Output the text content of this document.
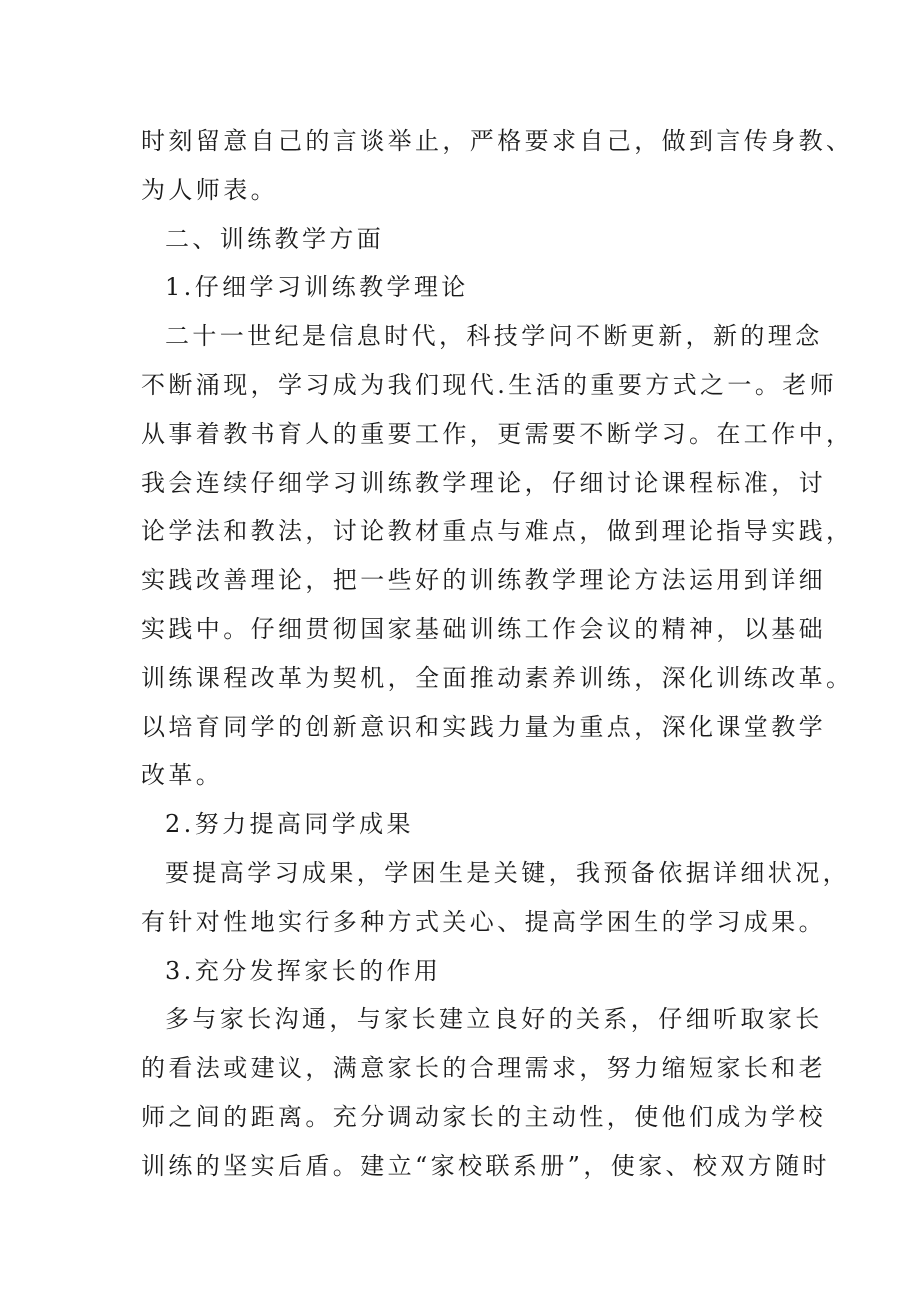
时刻留意自己的言谈举止，严格要求自己，做到言传身教、
为人师表。
二、训练教学方面
1.仔细学习训练教学理论
二十一世纪是信息时代，科技学问不断更新，新的理念
不断涌现，学习成为我们现代.生活的重要方式之一。老师
从事着教书育人的重要工作，更需要不断学习。在工作中，
我会连续仔细学习训练教学理论，仔细讨论课程标准，讨
论学法和教法，讨论教材重点与难点，做到理论指导实践，
实践改善理论，把一些好的训练教学理论方法运用到详细
实践中。仔细贯彻国家基础训练工作会议的精神，以基础
训练课程改革为契机，全面推动素养训练，深化训练改革。
以培育同学的创新意识和实践力量为重点，深化课堂教学
改革。
2.努力提高同学成果
要提高学习成果，学困生是关键，我预备依据详细状况，
有针对性地实行多种方式关心、提高学困生的学习成果。
3.充分发挥家长的作用
多与家长沟通，与家长建立良好的关系，仔细听取家长
的看法或建议，满意家长的合理需求，努力缩短家长和老
师之间的距离。充分调动家长的主动性，使他们成为学校
训练的坚实后盾。建立“家校联系册”，使家、校双方随时
